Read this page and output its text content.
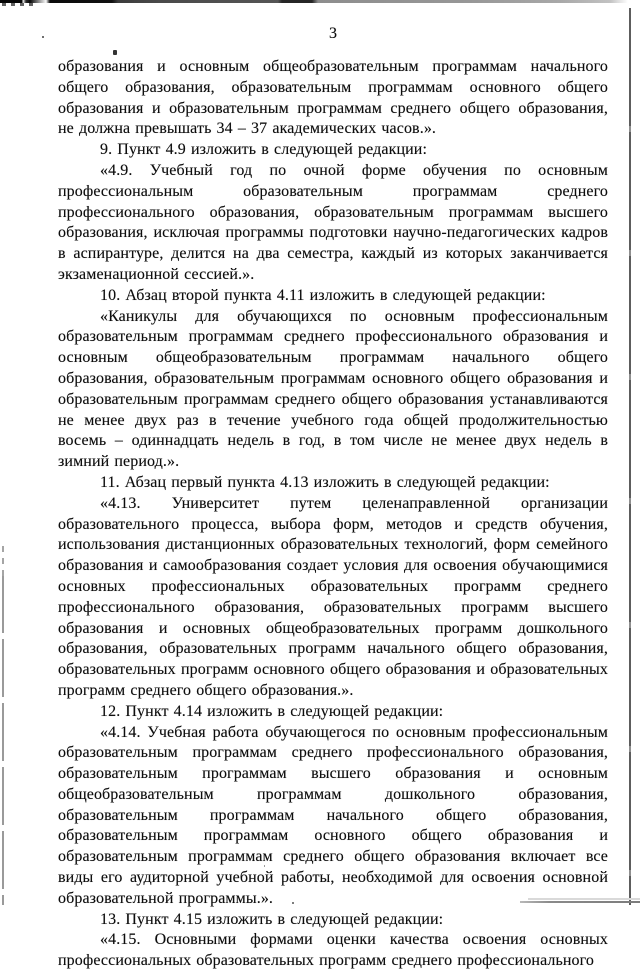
3

образования и основным общеобразовательным программам начального общего образования, образовательным программам основного общего образования и образовательным программам среднего общего образования, не должна превышать 34 – 37 академических часов.».

9. Пункт 4.9 изложить в следующей редакции:

«4.9. Учебный год по очной форме обучения по основным профессиональным образовательным программам среднего профессионального образования, образовательным программам высшего образования, исключая программы подготовки научно-педагогических кадров в аспирантуре, делится на два семестра, каждый из которых заканчивается экзаменационной сессией.».

10. Абзац второй пункта 4.11 изложить в следующей редакции:

«Каникулы для обучающихся по основным профессиональным образовательным программам среднего профессионального образования и основным общеобразовательным программам начального общего образования, образовательным программам основного общего образования и образовательным программам среднего общего образования устанавливаются не менее двух раз в течение учебного года общей продолжительностью восемь – одиннадцать недель в год, в том числе не менее двух недель в зимний период.».

11. Абзац первый пункта 4.13 изложить в следующей редакции:

«4.13. Университет путем целенаправленной организации образовательного процесса, выбора форм, методов и средств обучения, использования дистанционных образовательных технологий, форм семейного образования и самообразования создает условия для освоения обучающимися основных профессиональных образовательных программ среднего профессионального образования, образовательных программ высшего образования и основных общеобразовательных программ дошкольного образования, образовательных программ начального общего образования, образовательных программ основного общего образования и образовательных программ среднего общего образования.».

12. Пункт 4.14 изложить в следующей редакции:

«4.14. Учебная работа обучающегося по основным профессиональным образовательным программам среднего профессионального образования, образовательным программам высшего образования и основным общеобразовательным программам дошкольного образования, образовательным программам начального общего образования, образовательным программам основного общего образования и образовательным программам среднего общего образования включает все виды его аудиторной учебной работы, необходимой для освоения основной образовательной программы.».

13. Пункт 4.15 изложить в следующей редакции:

«4.15. Основными формами оценки качества освоения основных профессиональных образовательных программ среднего профессионального
